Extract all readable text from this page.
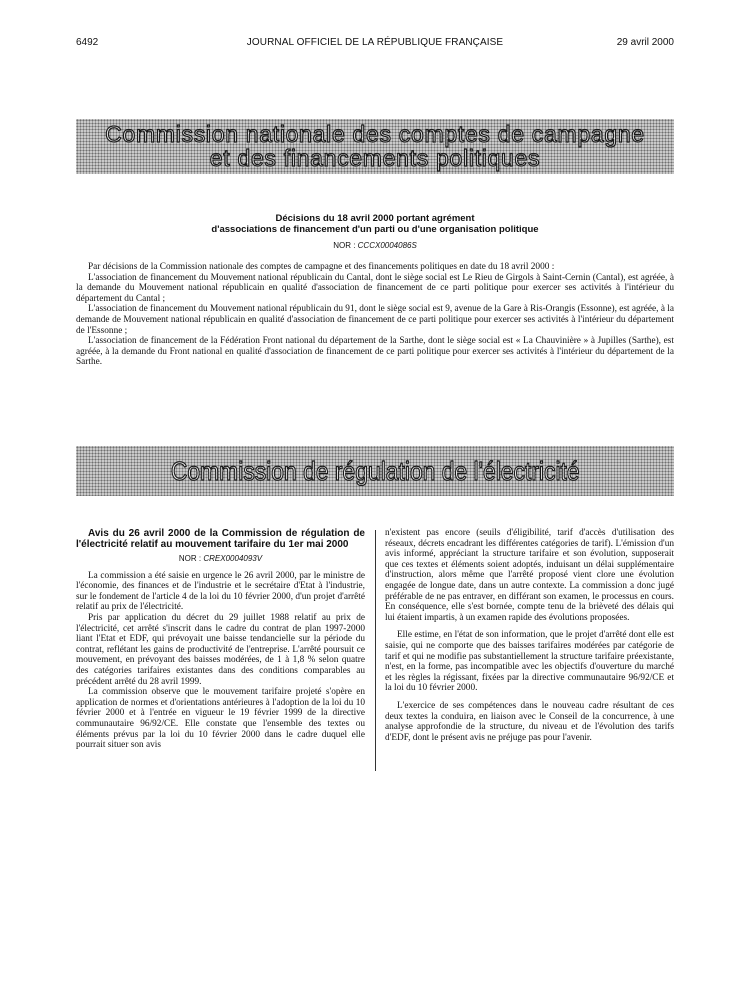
6492	JOURNAL OFFICIEL DE LA RÉPUBLIQUE FRANÇAISE	29 avril 2000
Commission nationale des comptes de campagne
et des financements politiques
Décisions du 18 avril 2000 portant agrément
d'associations de financement d'un parti ou d'une organisation politique
NOR : CCCX0004086S

Par décisions de la Commission nationale des comptes de campagne et des financements politiques en date du 18 avril 2000 :

L'association de financement du Mouvement national républicain du Cantal, dont le siège social est Le Rieu de Girgols à Saint-Cernin (Cantal), est agréée, à la demande du Mouvement national républicain en qualité d'association de financement de ce parti politique pour exercer ses activités à l'intérieur du département du Cantal ;

L'association de financement du Mouvement national républicain du 91, dont le siège social est 9, avenue de la Gare à Ris-Orangis (Essonne), est agréée, à la demande de Mouvement national républicain en qualité d'association de financement de ce parti politique pour exercer ses activités à l'intérieur du département de l'Essonne ;

L'association de financement de la Fédération Front national du département de la Sarthe, dont le siège social est « La Chauvinière » à Jupilles (Sarthe), est agréée, à la demande du Front national en qualité d'association de financement de ce parti politique pour exercer ses activités à l'intérieur du département de la Sarthe.

Commission de régulation de l'électricité

Avis du 26 avril 2000 de la Commission de régulation de l'électricité relatif au mouvement tarifaire du 1er mai 2000

NOR : CREX0004093V

La commission a été saisie en urgence le 26 avril 2000, par le ministre de l'économie, des finances et de l'industrie et le secrétaire d'Etat à l'industrie, sur le fondement de l'article 4 de la loi du 10 février 2000, d'un projet d'arrêté relatif au prix de l'électricité.

Pris par application du décret du 29 juillet 1988 relatif au prix de l'électricité, cet arrêté s'inscrit dans le cadre du contrat de plan 1997-2000 liant l'Etat et EDF, qui prévoyait une baisse tendancielle sur la période du contrat, reflétant les gains de productivité de l'entreprise. L'arrêté poursuit ce mouvement, en prévoyant des baisses modérées, de 1 à 1,8 % selon quatre des catégories tarifaires existantes dans des conditions comparables au précédent arrêté du 28 avril 1999.

La commission observe que le mouvement tarifaire projeté s'opère en application de normes et d'orientations antérieures à l'adoption de la loi du 10 février 2000 et à l'entrée en vigueur le 19 février 1999 de la directive communautaire 96/92/CE. Elle constate que l'ensemble des textes ou éléments prévus par la loi du 10 février 2000 dans le cadre duquel elle pourrait situer son avis

n'existent pas encore (seuils d'éligibilité, tarif d'accès d'utilisation des réseaux, décrets encadrant les différentes catégories de tarif). L'émission d'un avis informé, appréciant la structure tarifaire et son évolution, supposerait que ces textes et éléments soient adoptés, induisant un délai supplémentaire d'instruction, alors même que l'arrêté proposé vient clore une évolution engagée de longue date, dans un autre contexte. La commission a donc jugé préférable de ne pas entraver, en différant son examen, le processus en cours. En conséquence, elle s'est bornée, compte tenu de la brièveté des délais qui lui étaient impartis, à un examen rapide des évolutions proposées.

Elle estime, en l'état de son information, que le projet d'arrêté dont elle est saisie, qui ne comporte que des baisses tarifaires modérées par catégorie de tarif et qui ne modifie pas substantiellement la structure tarifaire préexistante, n'est, en la forme, pas incompatible avec les objectifs d'ouverture du marché et les règles la régissant, fixées par la directive communautaire 96/92/CE et la loi du 10 février 2000.

L'exercice de ses compétences dans le nouveau cadre résultant de ces deux textes la conduira, en liaison avec le Conseil de la concurrence, à une analyse approfondie de la structure, du niveau et de l'évolution des tarifs d'EDF, dont le présent avis ne préjuge pas pour l'avenir.
